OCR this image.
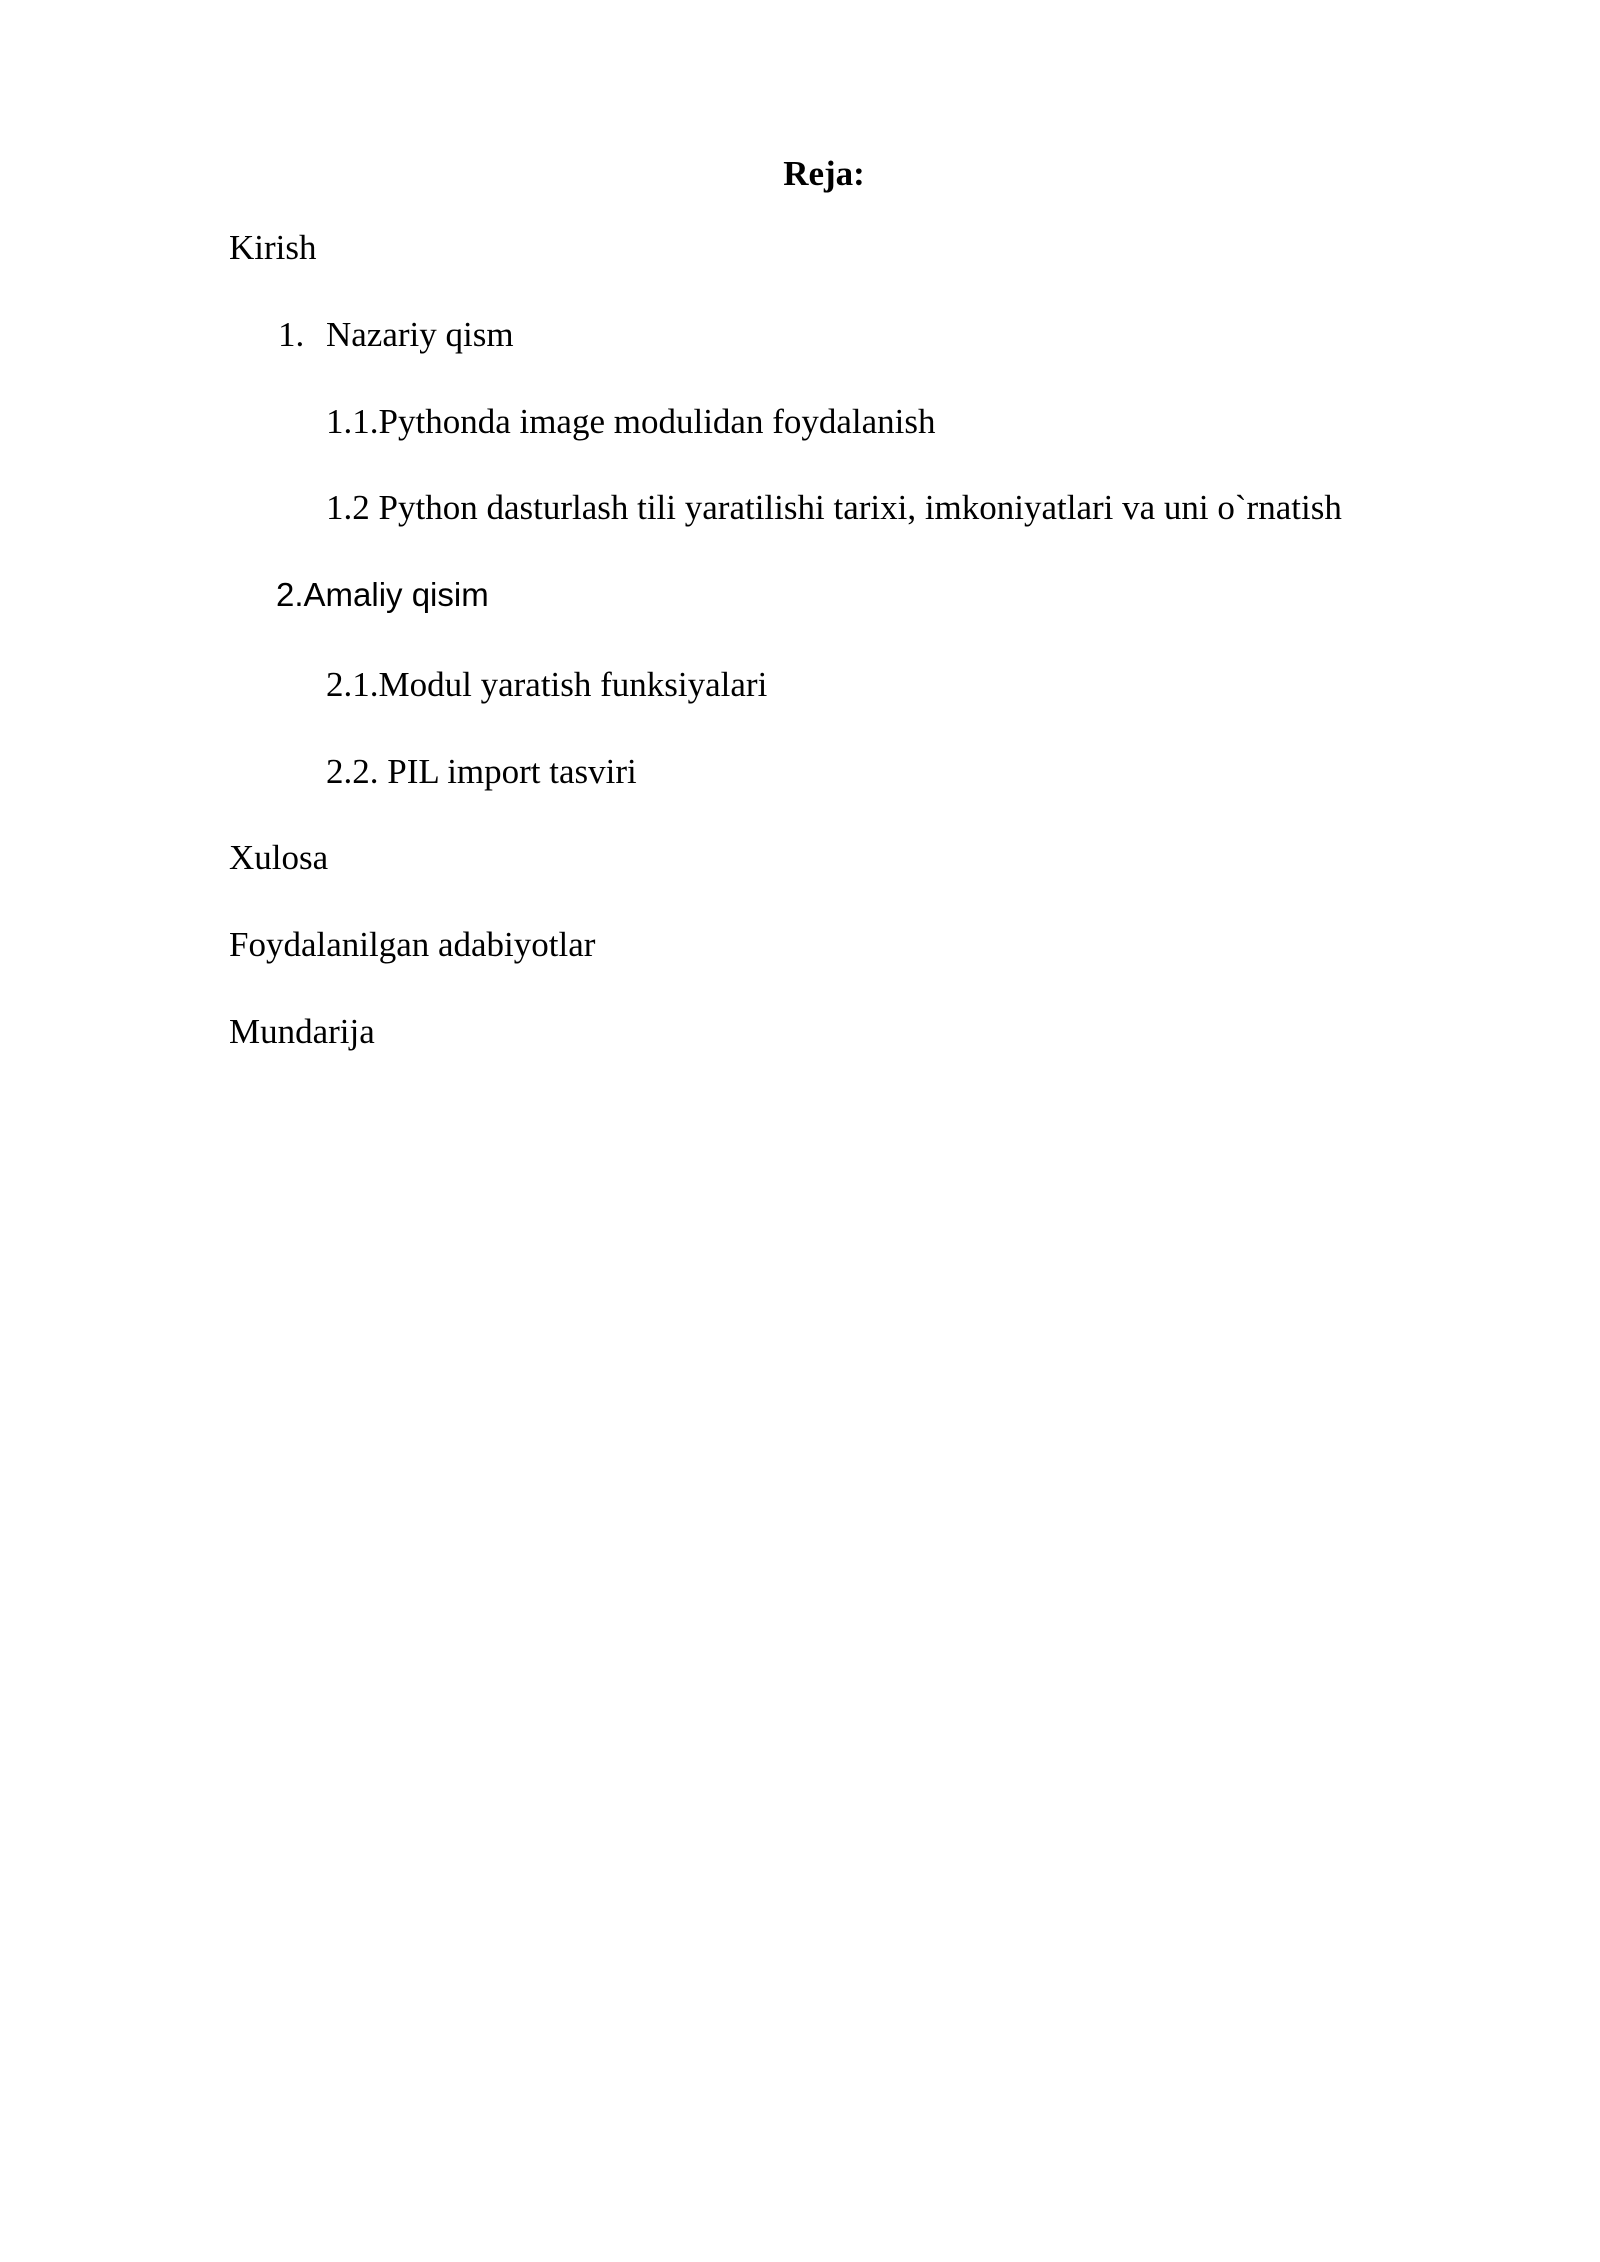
Reja:
Kirish
1. Nazariy qism
1.1.Pythonda image modulidan foydalanish
1.2 Python dasturlash tili yaratilishi tarixi, imkoniyatlari va uni o`rnatish
2.Amaliy qisim
2.1.Modul yaratish funksiyalari
2.2. PIL import tasviri
Xulosa
Foydalanilgan adabiyotlar
Mundarija
